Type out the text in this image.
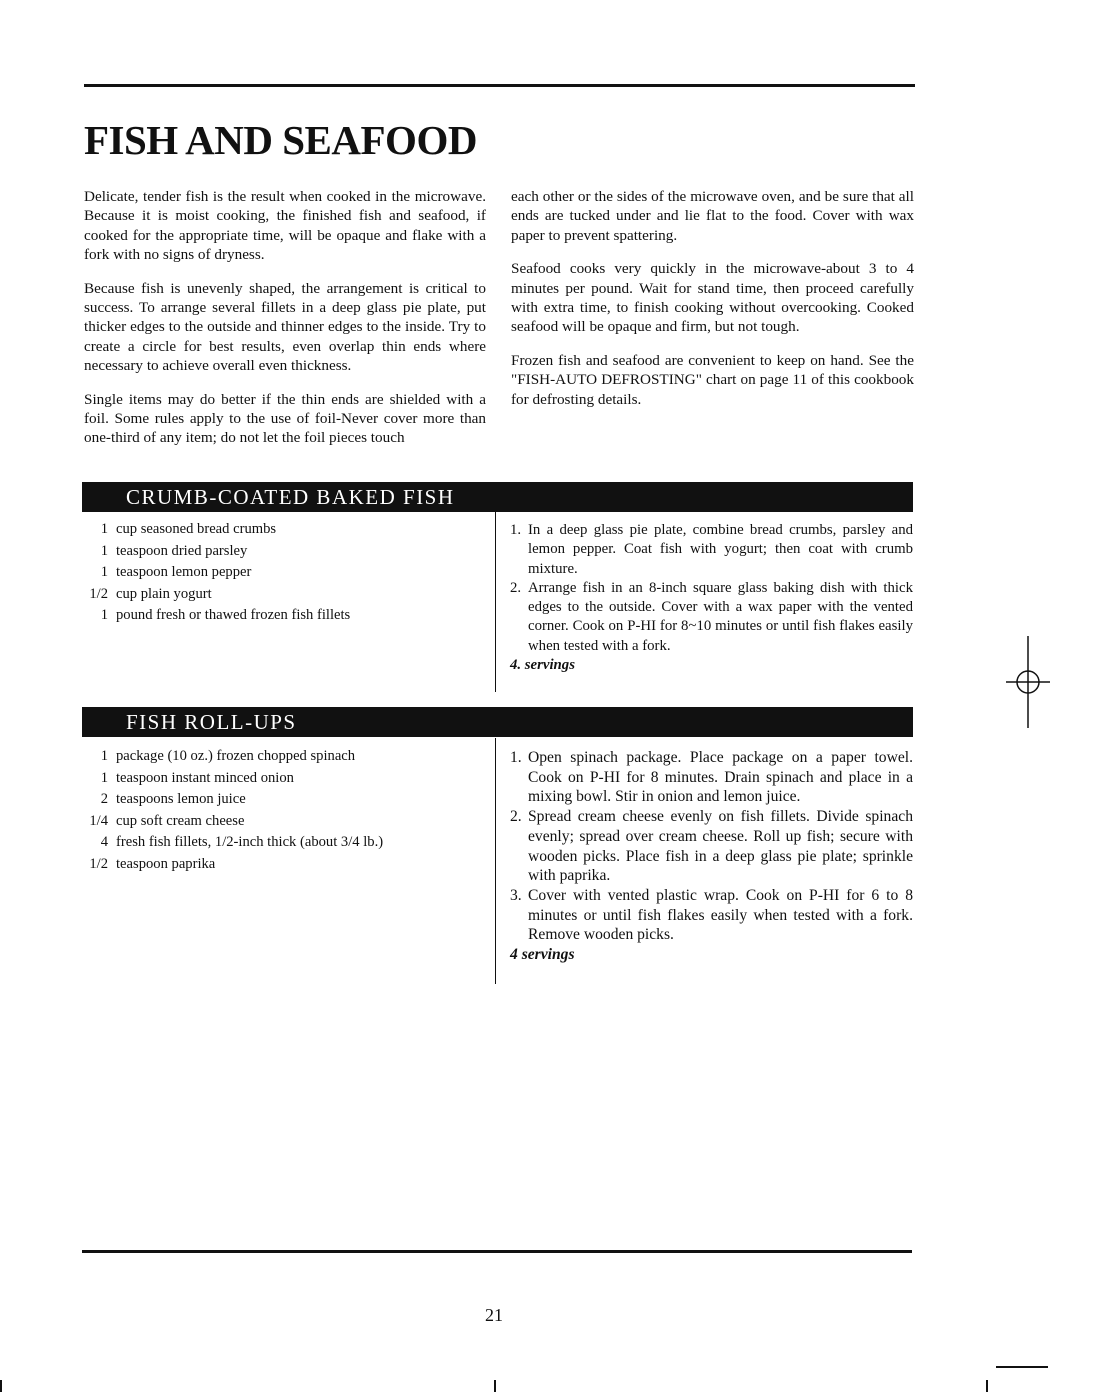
FISH AND SEAFOOD

Delicate, tender fish is the result when cooked in the microwave. Because it is moist cooking, the finished fish and seafood, if cooked for the appropriate time, will be opaque and flake with a fork with no signs of dryness.

Because fish is unevenly shaped, the arrangement is critical to success. To arrange several fillets in a deep glass pie plate, put thicker edges to the outside and thinner edges to the inside. Try to create a circle for best results, even overlap thin ends where necessary to achieve overall even thickness.

Single items may do better if the thin ends are shielded with a foil. Some rules apply to the use of foil-Never cover more than one-third of any item; do not let the foil pieces touch

each other or the sides of the microwave oven, and be sure that all ends are tucked under and lie flat to the food. Cover with wax paper to prevent spattering.

Seafood cooks very quickly in the microwave-about 3 to 4 minutes per pound. Wait for stand time, then proceed carefully with extra time, to finish cooking without overcooking. Cooked seafood will be opaque and firm, but not tough.

Frozen fish and seafood are convenient to keep on hand. See the "FISH-AUTO DEFROSTING" chart on page 11 of this cookbook for defrosting details.

CRUMB-COATED BAKED FISH
1 cup seasoned bread crumbs
1 teaspoon dried parsley
1 teaspoon lemon pepper
1/2 cup plain yogurt
1 pound fresh or thawed frozen fish fillets
1. In a deep glass pie plate, combine bread crumbs, parsley and lemon pepper. Coat fish with yogurt; then coat with crumb mixture.
2. Arrange fish in an 8-inch square glass baking dish with thick edges to the outside. Cover with a wax paper with the vented corner. Cook on P-HI for 8~10 minutes or until fish flakes easily when tested with a fork.
4. servings
FISH ROLL-UPS
1 package (10 oz.) frozen chopped spinach
1 teaspoon instant minced onion
2 teaspoons lemon juice
1/4 cup soft cream cheese
4 fresh fish fillets, 1/2-inch thick (about 3/4 lb.)
1/2 teaspoon paprika
1. Open spinach package. Place package on a paper towel. Cook on P-HI for 8 minutes. Drain spinach and place in a mixing bowl. Stir in onion and lemon juice.
2. Spread cream cheese evenly on fish fillets. Divide spinach evenly; spread over cream cheese. Roll up fish; secure with wooden picks. Place fish in a deep glass pie plate; sprinkle with paprika.
3. Cover with vented plastic wrap. Cook on P-HI for 6 to 8 minutes or until fish flakes easily when tested with a fork. Remove wooden picks.
4 servings
21
